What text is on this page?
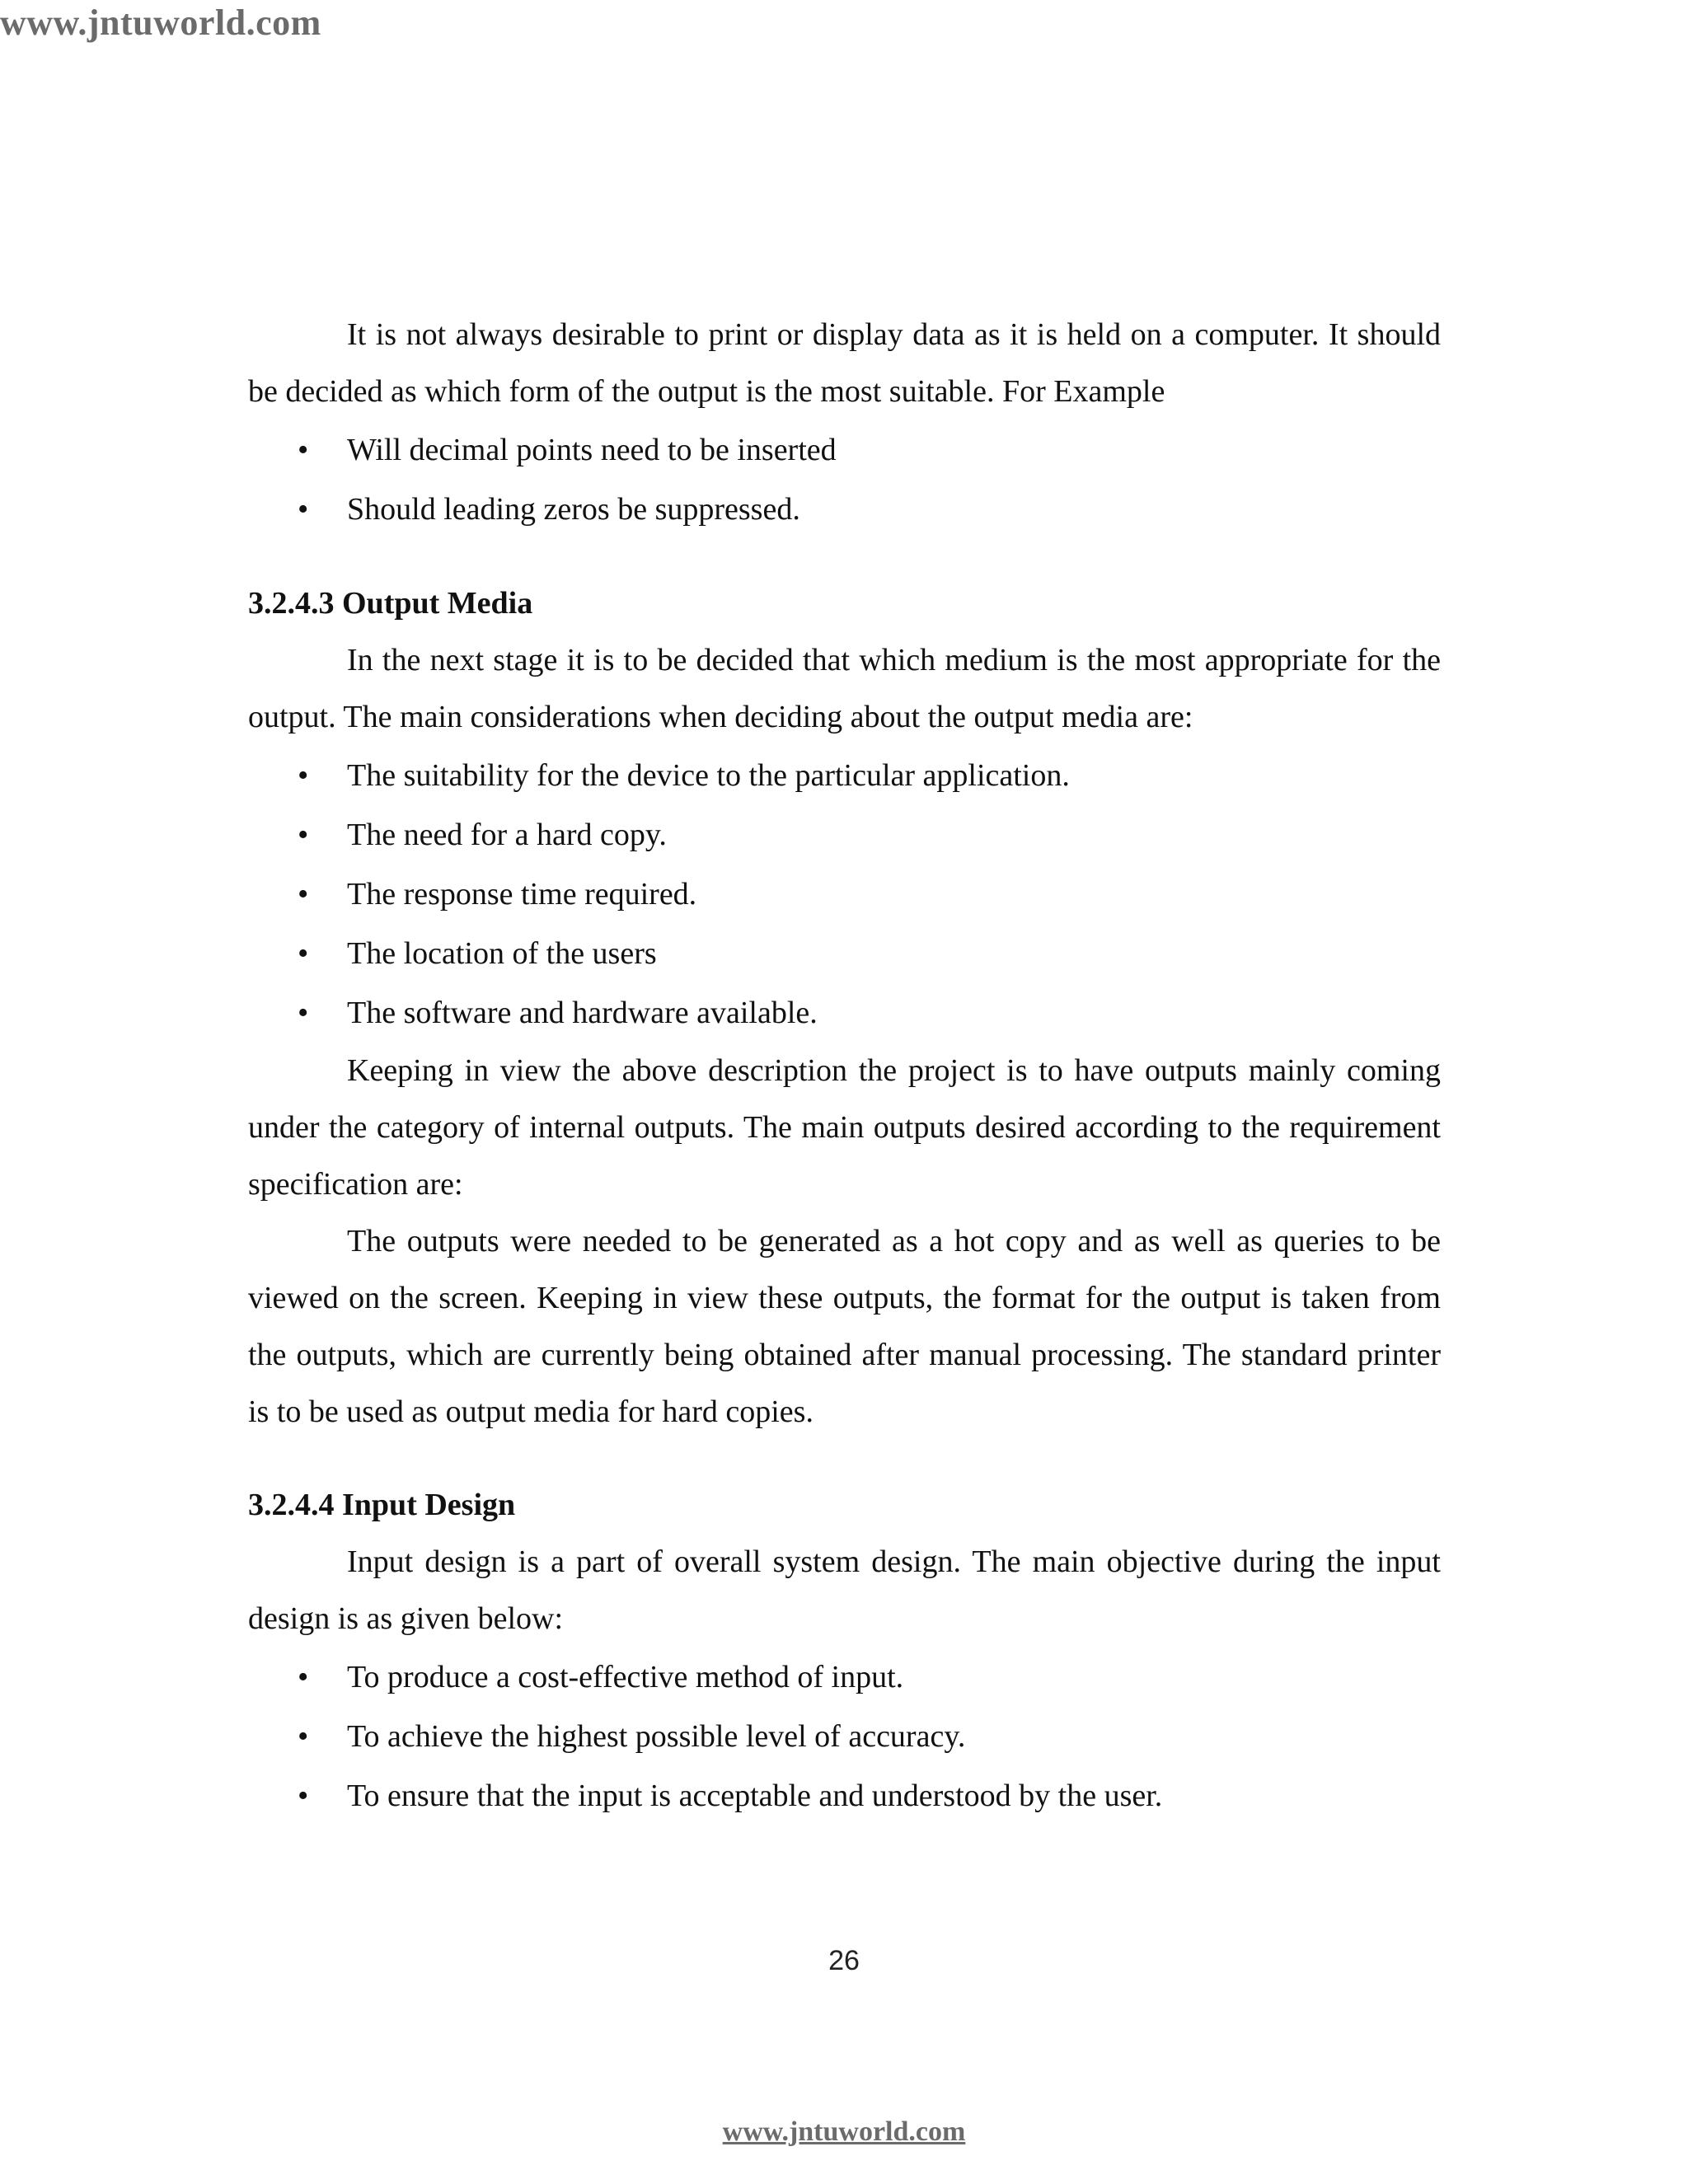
www.jntuworld.com

It is not always desirable to print or display data as it is held on a computer. It should be decided as which form of the output is the most suitable. For Example

• Will decimal points need to be inserted
• Should leading zeros be suppressed.
3.2.4.3 Output Media

In the next stage it is to be decided that which medium is the most appropriate for the output. The main considerations when deciding about the output media are:

• The suitability for the device to the particular application.
• The need for a hard copy.
• The response time required.
• The location of the users
• The software and hardware available.

Keeping in view the above description the project is to have outputs mainly coming under the category of internal outputs. The main outputs desired according to the requirement specification are:

The outputs were needed to be generated as a hot copy and as well as queries to be viewed on the screen. Keeping in view these outputs, the format for the output is taken from the outputs, which are currently being obtained after manual processing. The standard printer is to be used as output media for hard copies.

3.2.4.4 Input Design

Input design is a part of overall system design. The main objective during the input design is as given below:

• To produce a cost-effective method of input.
• To achieve the highest possible level of accuracy.
• To ensure that the input is acceptable and understood by the user.
26
www.jntuworld.com
